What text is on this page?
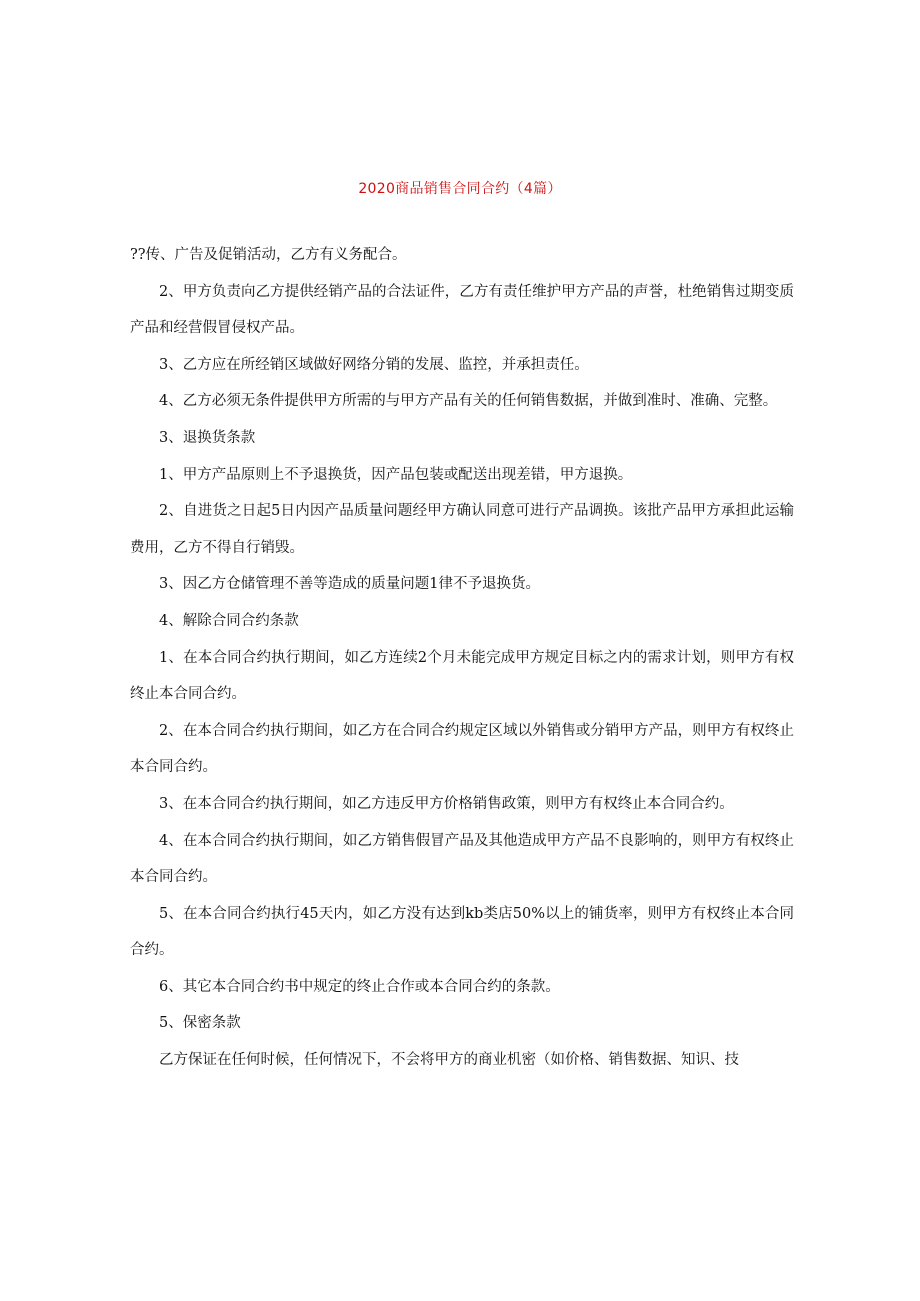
2020商品销售合同合约（4篇）

??传、广告及促销活动，乙方有义务配合。

2、甲方负责向乙方提供经销产品的合法证件，乙方有责任维护甲方产品的声誉，杜绝销售过期变质产品和经营假冒侵权产品。

3、乙方应在所经销区域做好网络分销的发展、监控，并承担责任。

4、乙方必须无条件提供甲方所需的与甲方产品有关的任何销售数据，并做到准时、准确、完整。

3、退换货条款

1、甲方产品原则上不予退换货，因产品包装或配送出现差错，甲方退换。

2、自进货之日起5日内因产品质量问题经甲方确认同意可进行产品调换。该批产品甲方承担此运输费用，乙方不得自行销毁。

3、因乙方仓储管理不善等造成的质量问题1律不予退换货。

4、解除合同合约条款

1、在本合同合约执行期间，如乙方连续2个月未能完成甲方规定目标之内的需求计划，则甲方有权终止本合同合约。

2、在本合同合约执行期间，如乙方在合同合约规定区域以外销售或分销甲方产品，则甲方有权终止本合同合约。

3、在本合同合约执行期间，如乙方违反甲方价格销售政策，则甲方有权终止本合同合约。

4、在本合同合约执行期间，如乙方销售假冒产品及其他造成甲方产品不良影响的，则甲方有权终止本合同合约。

5、在本合同合约执行45天内，如乙方没有达到kb类店50%以上的铺货率，则甲方有权终止本合同合约。

6、其它本合同合约书中规定的终止合作或本合同合约的条款。

5、保密条款

乙方保证在任何时候，任何情况下，不会将甲方的商业机密（如价格、销售数据、知识、技
